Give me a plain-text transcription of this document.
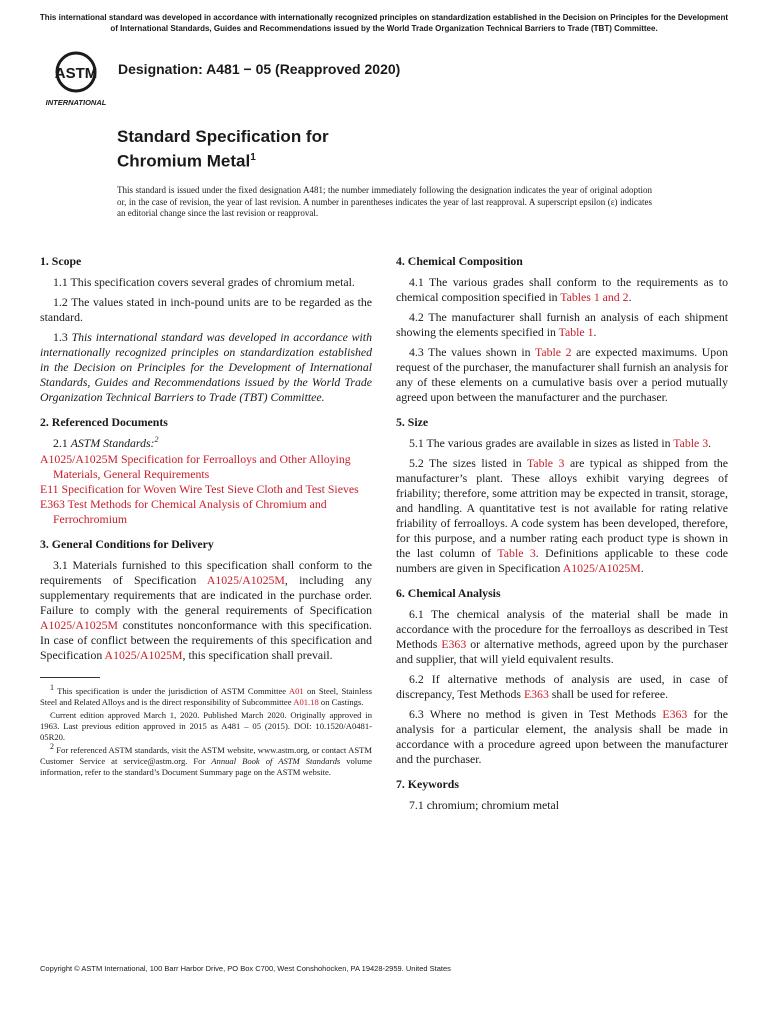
This international standard was developed in accordance with internationally recognized principles on standardization established in the Decision on Principles for the Development of International Standards, Guides and Recommendations issued by the World Trade Organization Technical Barriers to Trade (TBT) Committee.
ASTM
INTERNATIONAL
Designation: A481 − 05 (Reapproved 2020)
Standard Specification for
Chromium Metal$^1$
This standard is issued under the fixed designation A481; the number immediately following the designation indicates the year of original adoption or, in the case of revision, the year of last revision. A number in parentheses indicates the year of last reapproval. A superscript epsilon (ε) indicates an editorial change since the last revision or reapproval.
1. Scope

1.1 This specification covers several grades of chromium metal.

1.2 The values stated in inch-pound units are to be regarded as the standard.

1.3 This international standard was developed in accordance with internationally recognized principles on standardization established in the Decision on Principles for the Development of International Standards, Guides and Recommendations issued by the World Trade Organization Technical Barriers to Trade (TBT) Committee.

2. Referenced Documents

2.1 ASTM Standards:$^2$

A1025/A1025M Specification for Ferroalloys and Other Alloying Materials, General Requirements

E11 Specification for Woven Wire Test Sieve Cloth and Test Sieves

E363 Test Methods for Chemical Analysis of Chromium and Ferrochromium

3. General Conditions for Delivery

3.1 Materials furnished to this specification shall conform to the requirements of Specification A1025/A1025M, including any supplementary requirements that are indicated in the purchase order. Failure to comply with the general requirements of Specification A1025/A1025M constitutes nonconformance with this specification. In case of conflict between the requirements of this specification and Specification A1025/A1025M, this specification shall prevail.

1 This specification is under the jurisdiction of ASTM Committee A01 on Steel, Stainless Steel and Related Alloys and is the direct responsibility of Subcommittee A01.18 on Castings.

Current edition approved March 1, 2020. Published March 2020. Originally approved in 1963. Last previous edition approved in 2015 as A481 – 05 (2015). DOI: 10.1520/A0481-05R20.

2 For referenced ASTM standards, visit the ASTM website, www.astm.org, or contact ASTM Customer Service at service@astm.org. For Annual Book of ASTM Standards volume information, refer to the standard’s Document Summary page on the ASTM website.

4. Chemical Composition

4.1 The various grades shall conform to the requirements as to chemical composition specified in Tables 1 and 2.

4.2 The manufacturer shall furnish an analysis of each shipment showing the elements specified in Table 1.

4.3 The values shown in Table 2 are expected maximums. Upon request of the purchaser, the manufacturer shall furnish an analysis for any of these elements on a cumulative basis over a period mutually agreed upon between the manufacturer and the purchaser.

5. Size

5.1 The various grades are available in sizes as listed in Table 3.

5.2 The sizes listed in Table 3 are typical as shipped from the manufacturer’s plant. These alloys exhibit varying degrees of friability; therefore, some attrition may be expected in transit, storage, and handling. A quantitative test is not available for rating relative friability of ferroalloys. A code system has been developed, therefore, for this purpose, and a number rating each product type is shown in the last column of Table 3. Definitions applicable to these code numbers are given in Specification A1025/A1025M.

6. Chemical Analysis

6.1 The chemical analysis of the material shall be made in accordance with the procedure for the ferroalloys as described in Test Methods E363 or alternative methods, agreed upon by the purchaser and supplier, that will yield equivalent results.

6.2 If alternative methods of analysis are used, in case of discrepancy, Test Methods E363 shall be used for referee.

6.3 Where no method is given in Test Methods E363 for the analysis for a particular element, the analysis shall be made in accordance with a procedure agreed upon between the manufacturer and the purchaser.

7. Keywords

7.1 chromium; chromium metal

Copyright © ASTM International, 100 Barr Harbor Drive, PO Box C700, West Conshohocken, PA 19428-2959. United States
